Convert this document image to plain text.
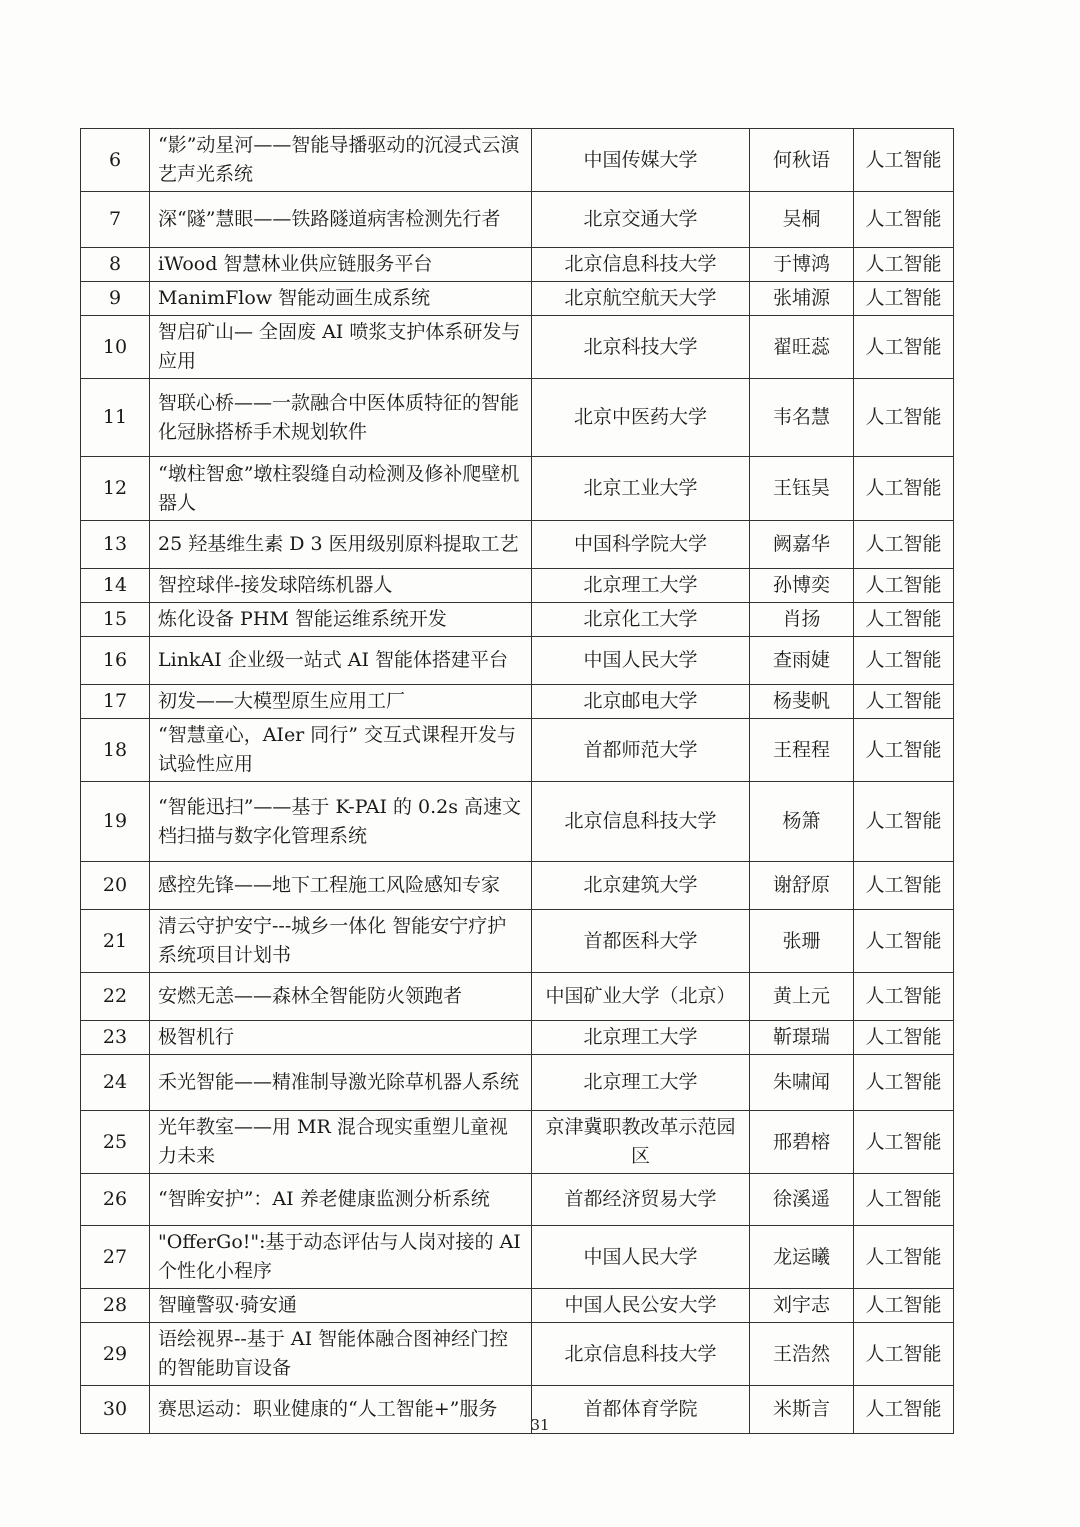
6	“影”动星河——智能导播驱动的沉浸式云演艺声光系统	中国传媒大学	何秋语	人工智能
7	深“隧”慧眼——铁路隧道病害检测先行者	北京交通大学	吴桐	人工智能
8	iWood 智慧林业供应链服务平台	北京信息科技大学	于博鸿	人工智能
9	ManimFlow 智能动画生成系统	北京航空航天大学	张埔源	人工智能
10	智启矿山— 全固废 AI 喷浆支护体系研发与应用	北京科技大学	翟旺蕊	人工智能
11	智联心桥——一款融合中医体质特征的智能化冠脉搭桥手术规划软件	北京中医药大学	韦名慧	人工智能
12	“墩柱智愈”墩柱裂缝自动检测及修补爬壁机器人	北京工业大学	王钰昊	人工智能
13	25 羟基维生素 D 3 医用级别原料提取工艺	中国科学院大学	阙嘉华	人工智能
14	智控球伴-接发球陪练机器人	北京理工大学	孙博奕	人工智能
15	炼化设备 PHM 智能运维系统开发	北京化工大学	肖扬	人工智能
16	LinkAI 企业级一站式 AI 智能体搭建平台	中国人民大学	查雨婕	人工智能
17	初发——大模型原生应用工厂	北京邮电大学	杨斐帆	人工智能
18	“智慧童心，AIer 同行” 交互式课程开发与试验性应用	首都师范大学	王程程	人工智能
19	“智能迅扫”——基于 K-PAI 的 0.2s 高速文档扫描与数字化管理系统	北京信息科技大学	杨箫	人工智能
20	感控先锋——地下工程施工风险感知专家	北京建筑大学	谢舒原	人工智能
21	清云守护安宁---城乡一体化 智能安宁疗护系统项目计划书	首都医科大学	张珊	人工智能
22	安燃无恙——森林全智能防火领跑者	中国矿业大学（北京）	黄上元	人工智能
23	极智机行	北京理工大学	靳璟瑞	人工智能
24	禾光智能——精准制导激光除草机器人系统	北京理工大学	朱啸闻	人工智能
25	光年教室——用 MR 混合现实重塑儿童视力未来	京津冀职教改革示范园区	邢碧榕	人工智能
26	“智眸安护”：AI 养老健康监测分析系统	首都经济贸易大学	徐溪遥	人工智能
27	"OfferGo!":基于动态评估与人岗对接的 AI 个性化小程序	中国人民大学	龙运曦	人工智能
28	智瞳警驭·骑安通	中国人民公安大学	刘宇志	人工智能
29	语绘视界--基于 AI 智能体融合图神经门控的智能助盲设备	北京信息科技大学	王浩然	人工智能
30	赛思运动：职业健康的“人工智能+”服务	首都体育学院	米斯言	人工智能
31
